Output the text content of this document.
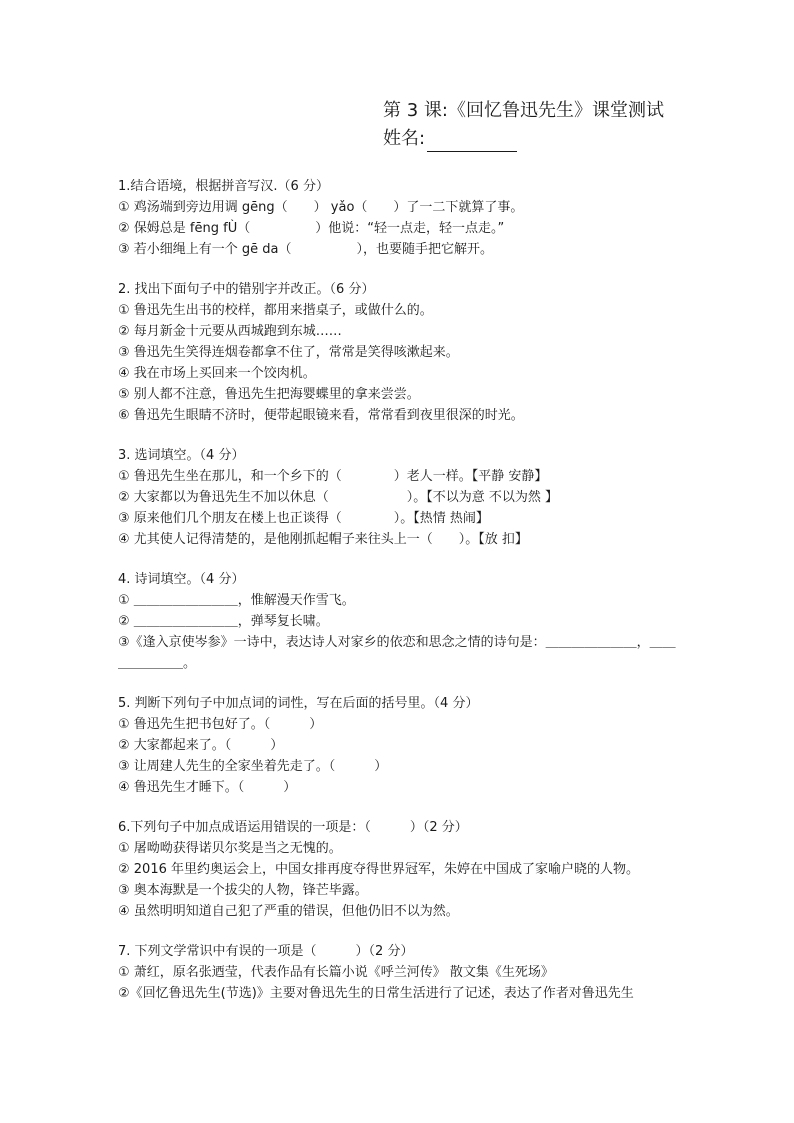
第 3 课:《回忆鲁迅先生》课堂测试
姓名:
1.结合语境，根据拼音写汉.（6 分）
① 鸡汤端到旁边用调 gēng（　　） yǎo（　　）了一二下就算了事。
② 保姆总是 fēng fÙ（　　　　　）他说：“轻一点走，轻一点走。”
③ 若小细绳上有一个 gē da（　　　　　），也要随手把它解开。
2. 找出下面句子中的错别字并改正。（6 分）
① 鲁迅先生出书的校样，都用来揩桌子，或做什么的。
② 每月新金十元要从西城跑到东城……
③ 鲁迅先生笑得连烟卷都拿不住了，常常是笑得咳漱起来。
④ 我在市场上买回来一个饺肉机。
⑤ 别人都不注意，鲁迅先生把海婴蝶里的拿来尝尝。
⑥ 鲁迅先生眼睛不济时，便带起眼镜来看，常常看到夜里很深的时光。
3. 选词填空。（4 分）
① 鲁迅先生坐在那儿，和一个乡下的（　　　　）老人一样。【平静 安静】
② 大家都以为鲁迅先生不加以休息（　　　　　　）。【不以为意 不以为然 】
③ 原来他们几个朋友在楼上也正谈得（　　　　）。【热情 热闹】
④ 尤其使人记得清楚的，是他刚抓起帽子来往头上一（　　）。【放 扣】
4. 诗词填空。（4 分）
① ＿＿＿＿＿＿＿＿，惟解漫天作雪飞。
② ＿＿＿＿＿＿＿＿，弹琴复长啸。
③《逢入京使岑参》一诗中，表达诗人对家乡的依恋和思念之情的诗句是：＿＿＿＿＿＿＿，＿＿＿＿＿＿＿。
5. 判断下列句子中加点词的词性，写在后面的括号里。（4 分）
① 鲁迅先生把书包好了。（　　　）
② 大家都起来了。（　　　）
③ 让周建人先生的全家坐着先走了。（　　　）
④ 鲁迅先生才睡下。（　　　）
6.下列句子中加点成语运用错误的一项是：（　　　）（2 分）
① 屠呦呦获得诺贝尔奖是当之无愧的。
② 2016 年里约奥运会上，中国女排再度夺得世界冠军，朱婷在中国成了家喻户晓的人物。
③ 奥本海默是一个拔尖的人物，锋芒毕露。
④ 虽然明明知道自己犯了严重的错误，但他仍旧不以为然。
7. 下列文学常识中有误的一项是（　　　）（2 分）
① 萧红，原名张迺莹，代表作品有长篇小说《呼兰河传》 散文集《生死场》
②《回忆鲁迅先生(节选)》主要对鲁迅先生的日常生活进行了记述，表达了作者对鲁迅先生
